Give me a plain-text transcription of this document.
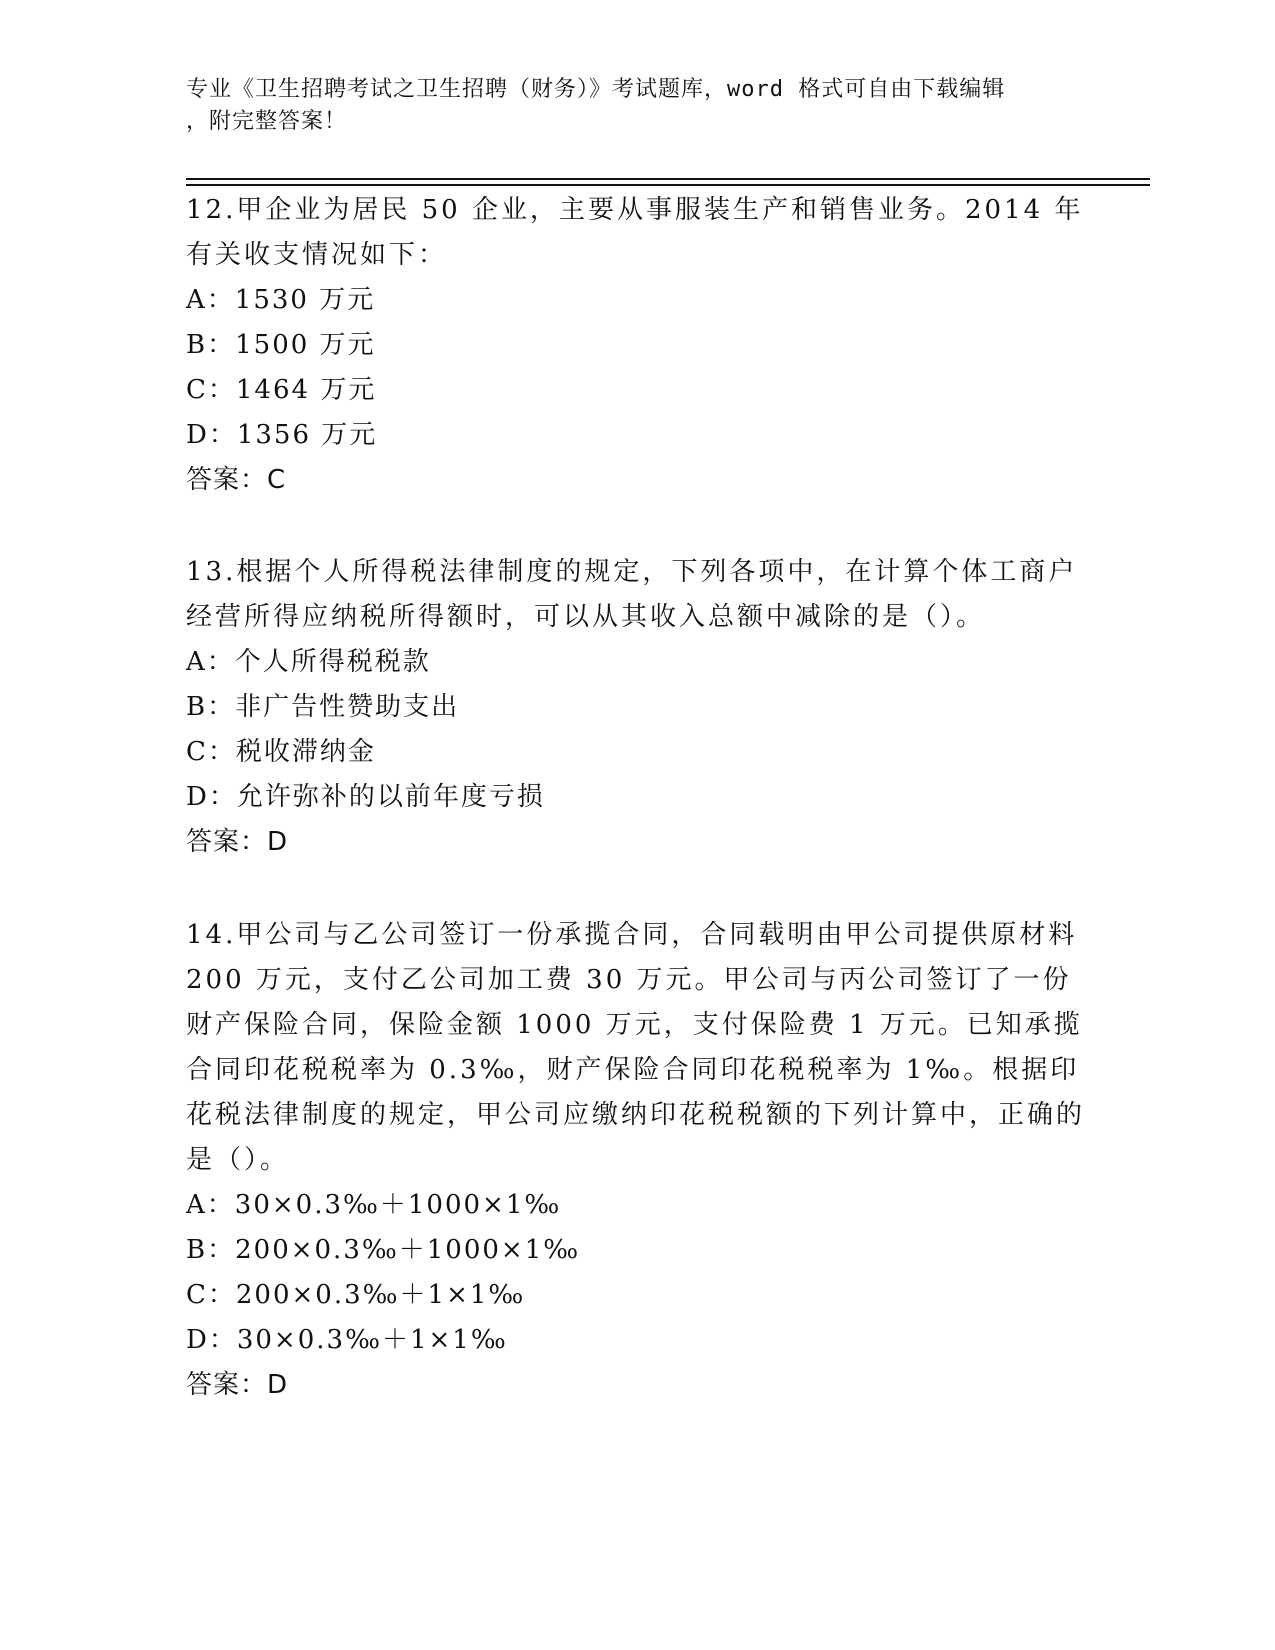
专业《卫生招聘考试之卫生招聘（财务）》考试题库，word 格式可自由下载编辑
，附完整答案！

12.甲企业为居民 50 企业，主要从事服装生产和销售业务。2014 年有关收支情况如下：

A：1530 万元
B：1500 万元
C：1464 万元
D：1356 万元

答案：C

13.根据个人所得税法律制度的规定，下列各项中，在计算个体工商户经营所得应纳税所得额时，可以从其收入总额中减除的是（）。

A：个人所得税税款
B：非广告性赞助支出
C：税收滞纳金
D：允许弥补的以前年度亏损

答案：D

14.甲公司与乙公司签订一份承揽合同，合同载明由甲公司提供原材料 200 万元，支付乙公司加工费 30 万元。甲公司与丙公司签订了一份财产保险合同，保险金额 1000 万元，支付保险费 1 万元。已知承揽合同印花税税率为 0.3‰，财产保险合同印花税税率为 1‰。根据印花税法律制度的规定，甲公司应缴纳印花税税额的下列计算中，正确的是（）。

A：30×0.3‰＋1000×1‰
B：200×0.3‰＋1000×1‰
C：200×0.3‰＋1×1‰
D：30×0.3‰＋1×1‰

答案：D
